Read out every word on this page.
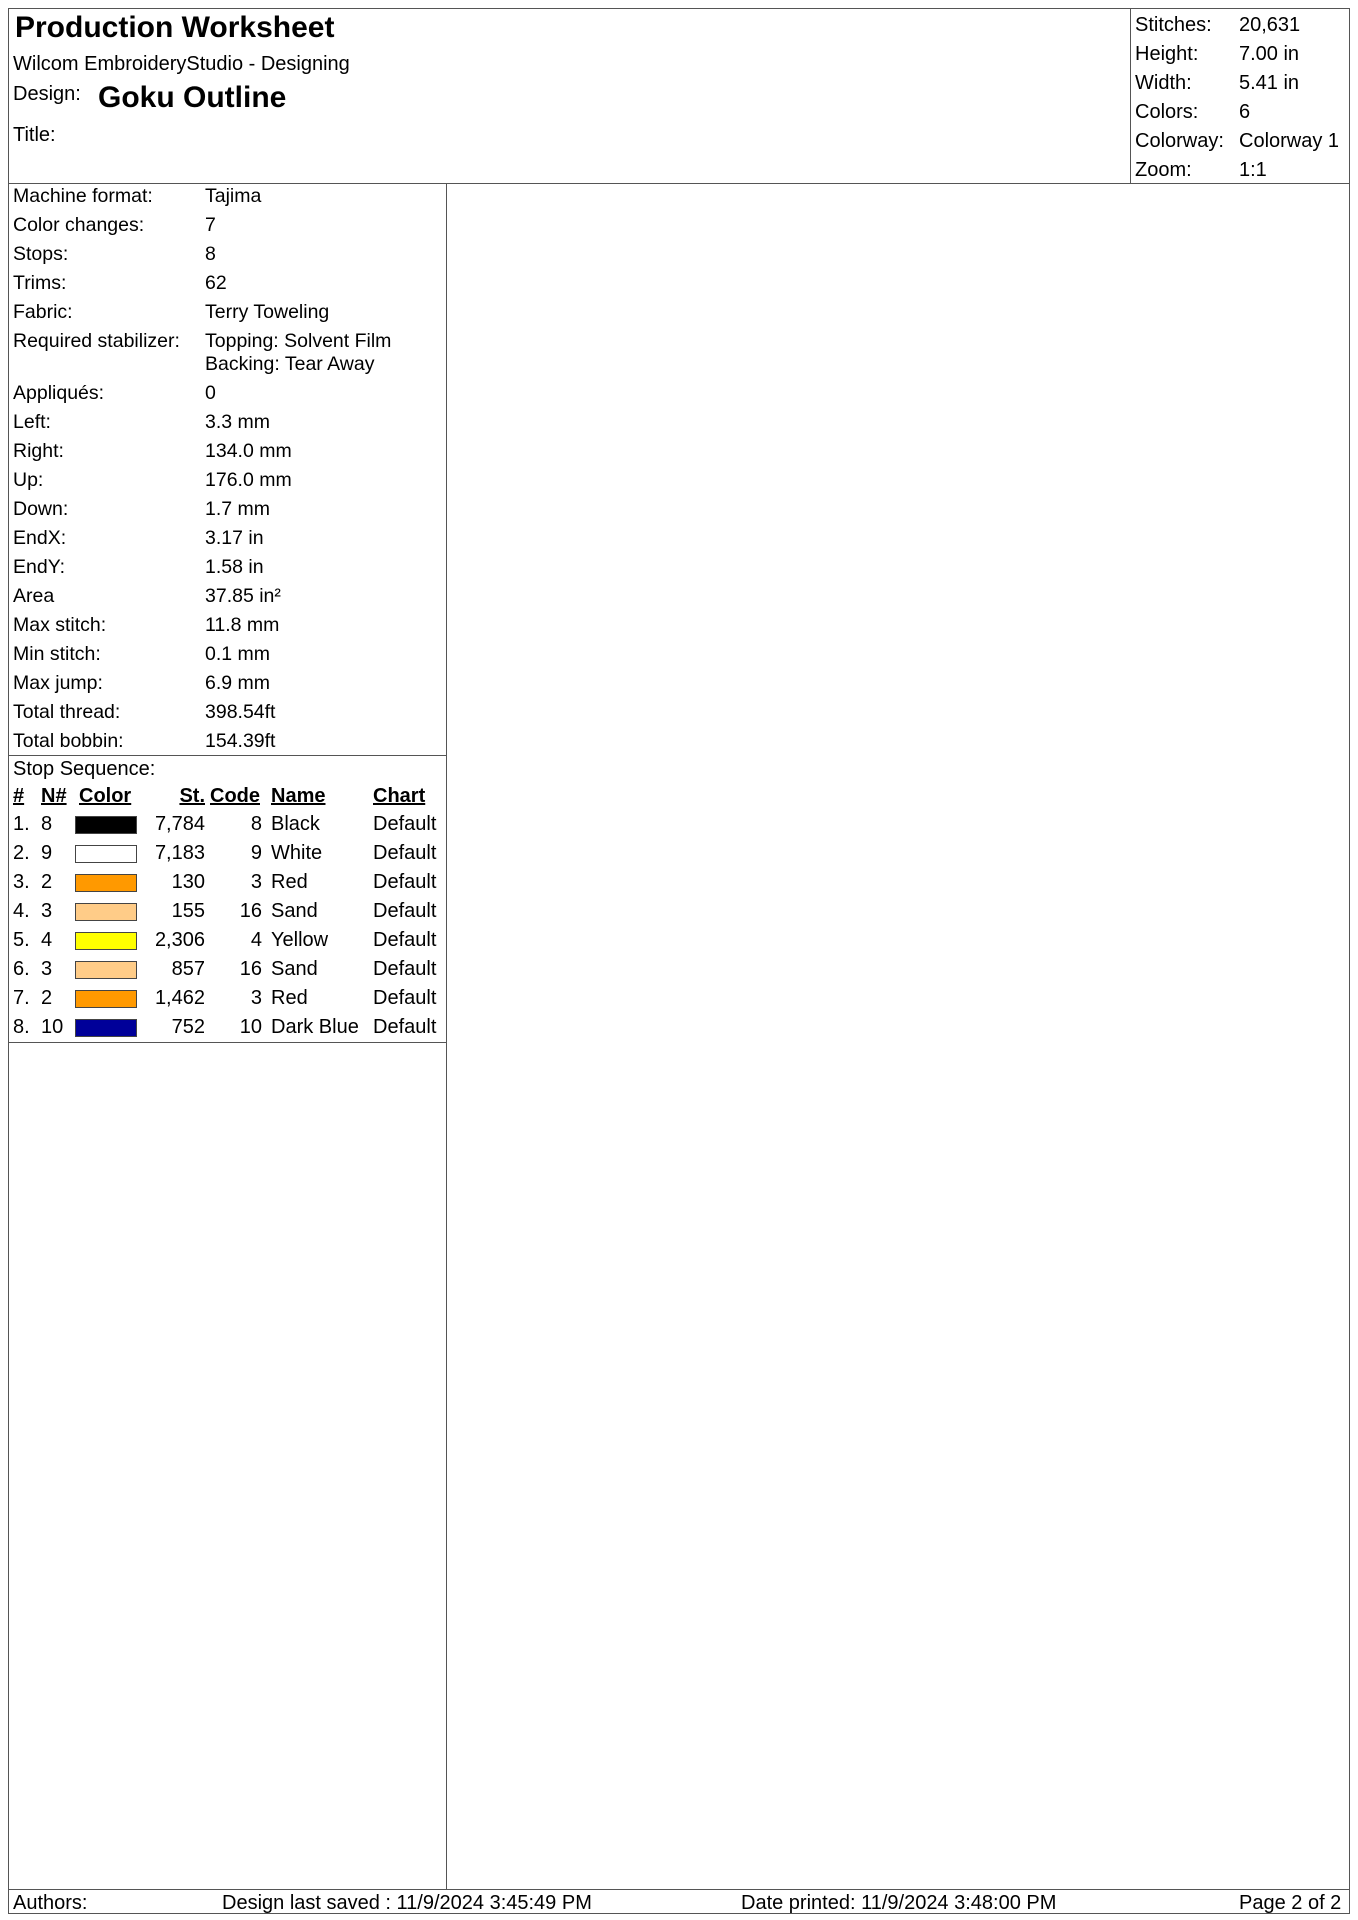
Production Worksheet
Wilcom EmbroideryStudio - Designing
Design: Goku Outline
Title:
Stitches: 20,631
Height: 7.00 in
Width: 5.41 in
Colors: 6
Colorway: Colorway 1
Zoom: 1:1
Machine format:	Tajima
Color changes:	7
Stops:	8
Trims:	62
Fabric:	Terry Toweling
Required stabilizer: Topping: Solvent Film
Backing: Tear Away
Appliqués:	0
Left:	3.3 mm
Right:	134.0 mm
Up:	176.0 mm
Down:	1.7 mm
EndX:	3.17 in
EndY:	1.58 in
Area	37.85 in²
Max stitch:	11.8 mm
Min stitch:	0.1 mm
Max jump:	6.9 mm
Total thread:	398.54ft
Total bobbin:	154.39ft
Stop Sequence:
# N# Color	St. Code Name Chart
1. 8	7,784	8 Black	Default
2. 9	7,183	9 White	Default
3. 2	130	3 Red	Default
4. 3	155	16 Sand	Default
5. 4	2,306	4 Yellow Default
6. 3	857	16 Sand	Default
7. 2	1,462	3 Red	Default
8. 10	752	10 Dark Blue Default
Authors:	Design last saved : 11/9/2024 3:45:49 PM	Date printed: 11/9/2024 3:48:00 PM	Page 2 of 2
